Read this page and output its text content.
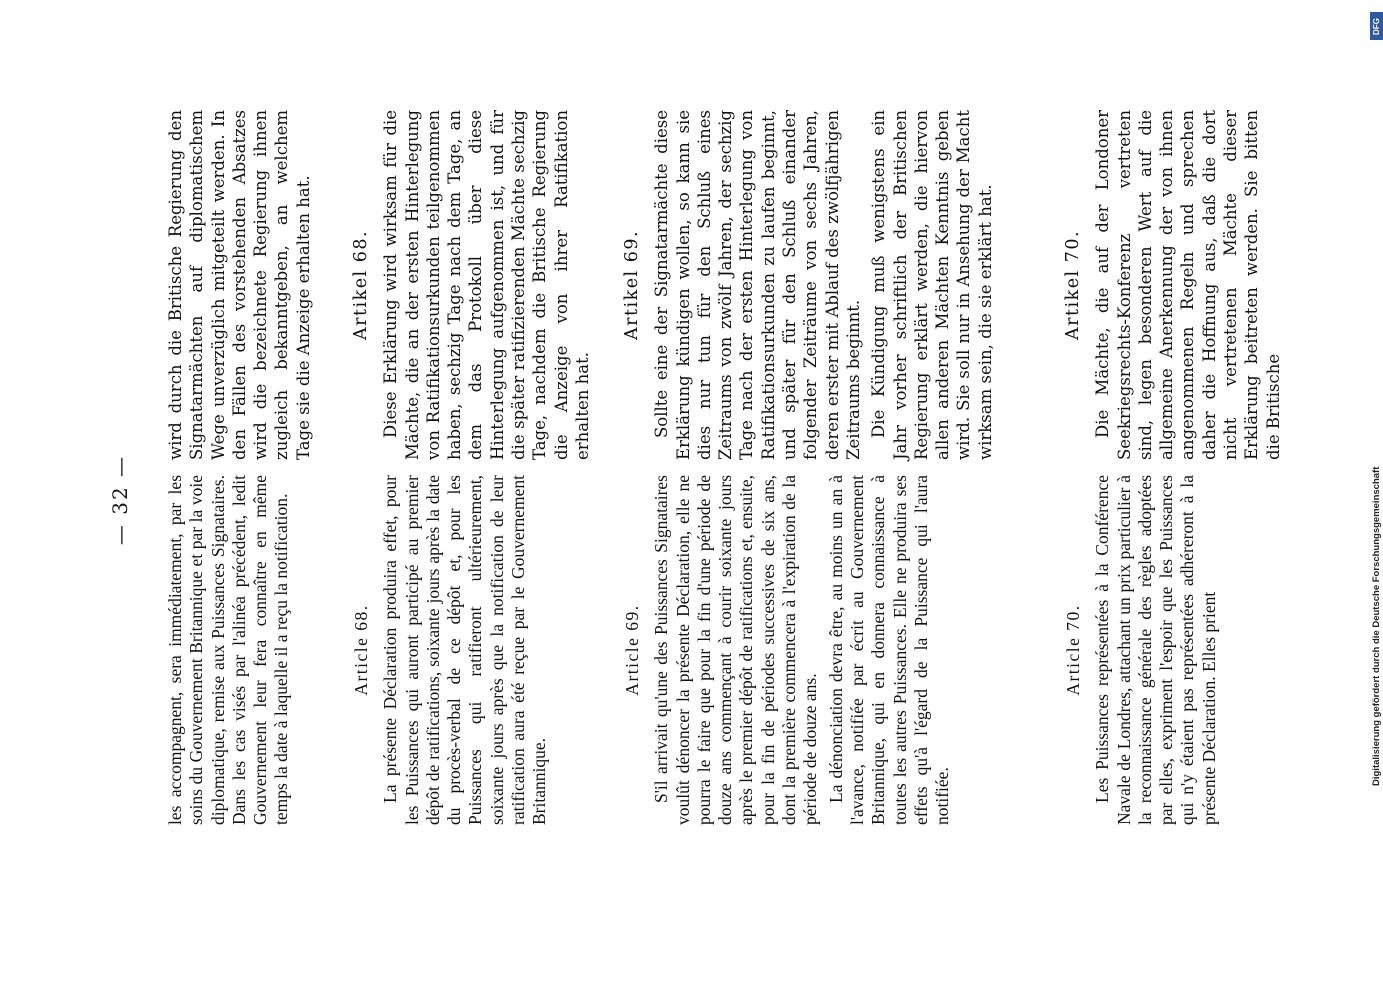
— 32 — les accompagnent, sera immédiatement, par les soins du Gouvernement Britannique et par la voie diplomatique, remise aux Puissances Signataires. Dans les cas visés par l'alinéa précédent, ledit Gouvernement leur fera connaître en même temps la date à laquelle il a reçu la notification.	Article 68. La présente Déclaration produira effet, pour les Puissances qui auront participé au premier dépôt de ratifications, soixante jours après la date du procès-verbal de ce dépôt et, pour les Puissances qui ratifieront ultérieurement, soixante jours après que la notification de leur ratification aura été reçue par le Gouvernement Britannique.

Article 69. S'il arrivait qu'une des Puissances Signataires voulût dénoncer la présente Déclaration, elle ne pourra le faire que pour la fin d'une période de douze ans commençant à courir soixante jours après le premier dépôt de ratifications et, ensuite, pour la fin de périodes successives de six ans, dont la première commencera à l'expiration de la période de douze ans. La dénonciation devra être, au moins un an à l'avance, notifiée par écrit au Gouvernement Britannique, qui en donnera connaissance à toutes les autres Puissances. Elle ne produira ses effets qu'à l'égard de la Puissance qui l'aura notifiée.

Article 70. Les Puissances représentées à la Conférence Navale de Londres, attachant un prix particulier à la reconnaissance générale des règles adoptées par elles, expriment l'espoir que les Puissances qui n'y étaient pas représentées adhéreront à la présente Déclaration. Elles prient

wird durch die Britische Regierung den Signatarmächten auf diplomatischem Wege unverzüglich mitgeteilt werden. In den Fällen des vorstehenden Absatzes wird die bezeichnete Regierung ihnen zugleich bekanntgeben, an welchem Tage sie die Anzeige erhalten hat. Artikel 68. Diese Erklärung wird wirksam für die Mächte, die an der ersten Hinterlegung von Ratifikationsurkunden teilgenommen haben, sechzig Tage nach dem Tage, an dem das Protokoll über diese Hinterlegung aufgenommen ist, und für die später ratifizierenden Mächte sechzig Tage, nachdem die Britische Regierung die Anzeige von ihrer Ratifikation erhalten hat.

Artikel 69. Sollte eine der Signatarmächte diese Erklärung kündigen wollen, so kann sie dies nur tun für den Schluß eines Zeitraums von zwölf Jahren, der sechzig Tage nach der ersten Hinterlegung von Ratifikationsurkunden zu laufen beginnt, und später für den Schluß einander folgender Zeiträume von sechs Jahren, deren erster mit Ablauf des zwölfjährigen Zeitraums beginnt. Die Kündigung muß wenigstens ein Jahr vorher schriftlich der Britischen Regierung erklärt werden, die hiervon allen anderen Mächten Kenntnis geben wird. Sie soll nur in Ansehung der Macht wirksam sein, die sie erklärt hat.	Artikel 70. Die Mächte, die auf der Londoner Seekriegsrechts-Konferenz vertreten sind, legen besonderen Wert auf die allgemeine Anerkennung der von ihnen angenommenen Regeln und sprechen daher die Hoffnung aus, daß die dort nicht vertretenen Mächte dieser Erklärung beitreten werden. Sie bitten die Britische

DFG
Digitalisierung gefördert durch die Deutsche Forschungsgemeinschaft
